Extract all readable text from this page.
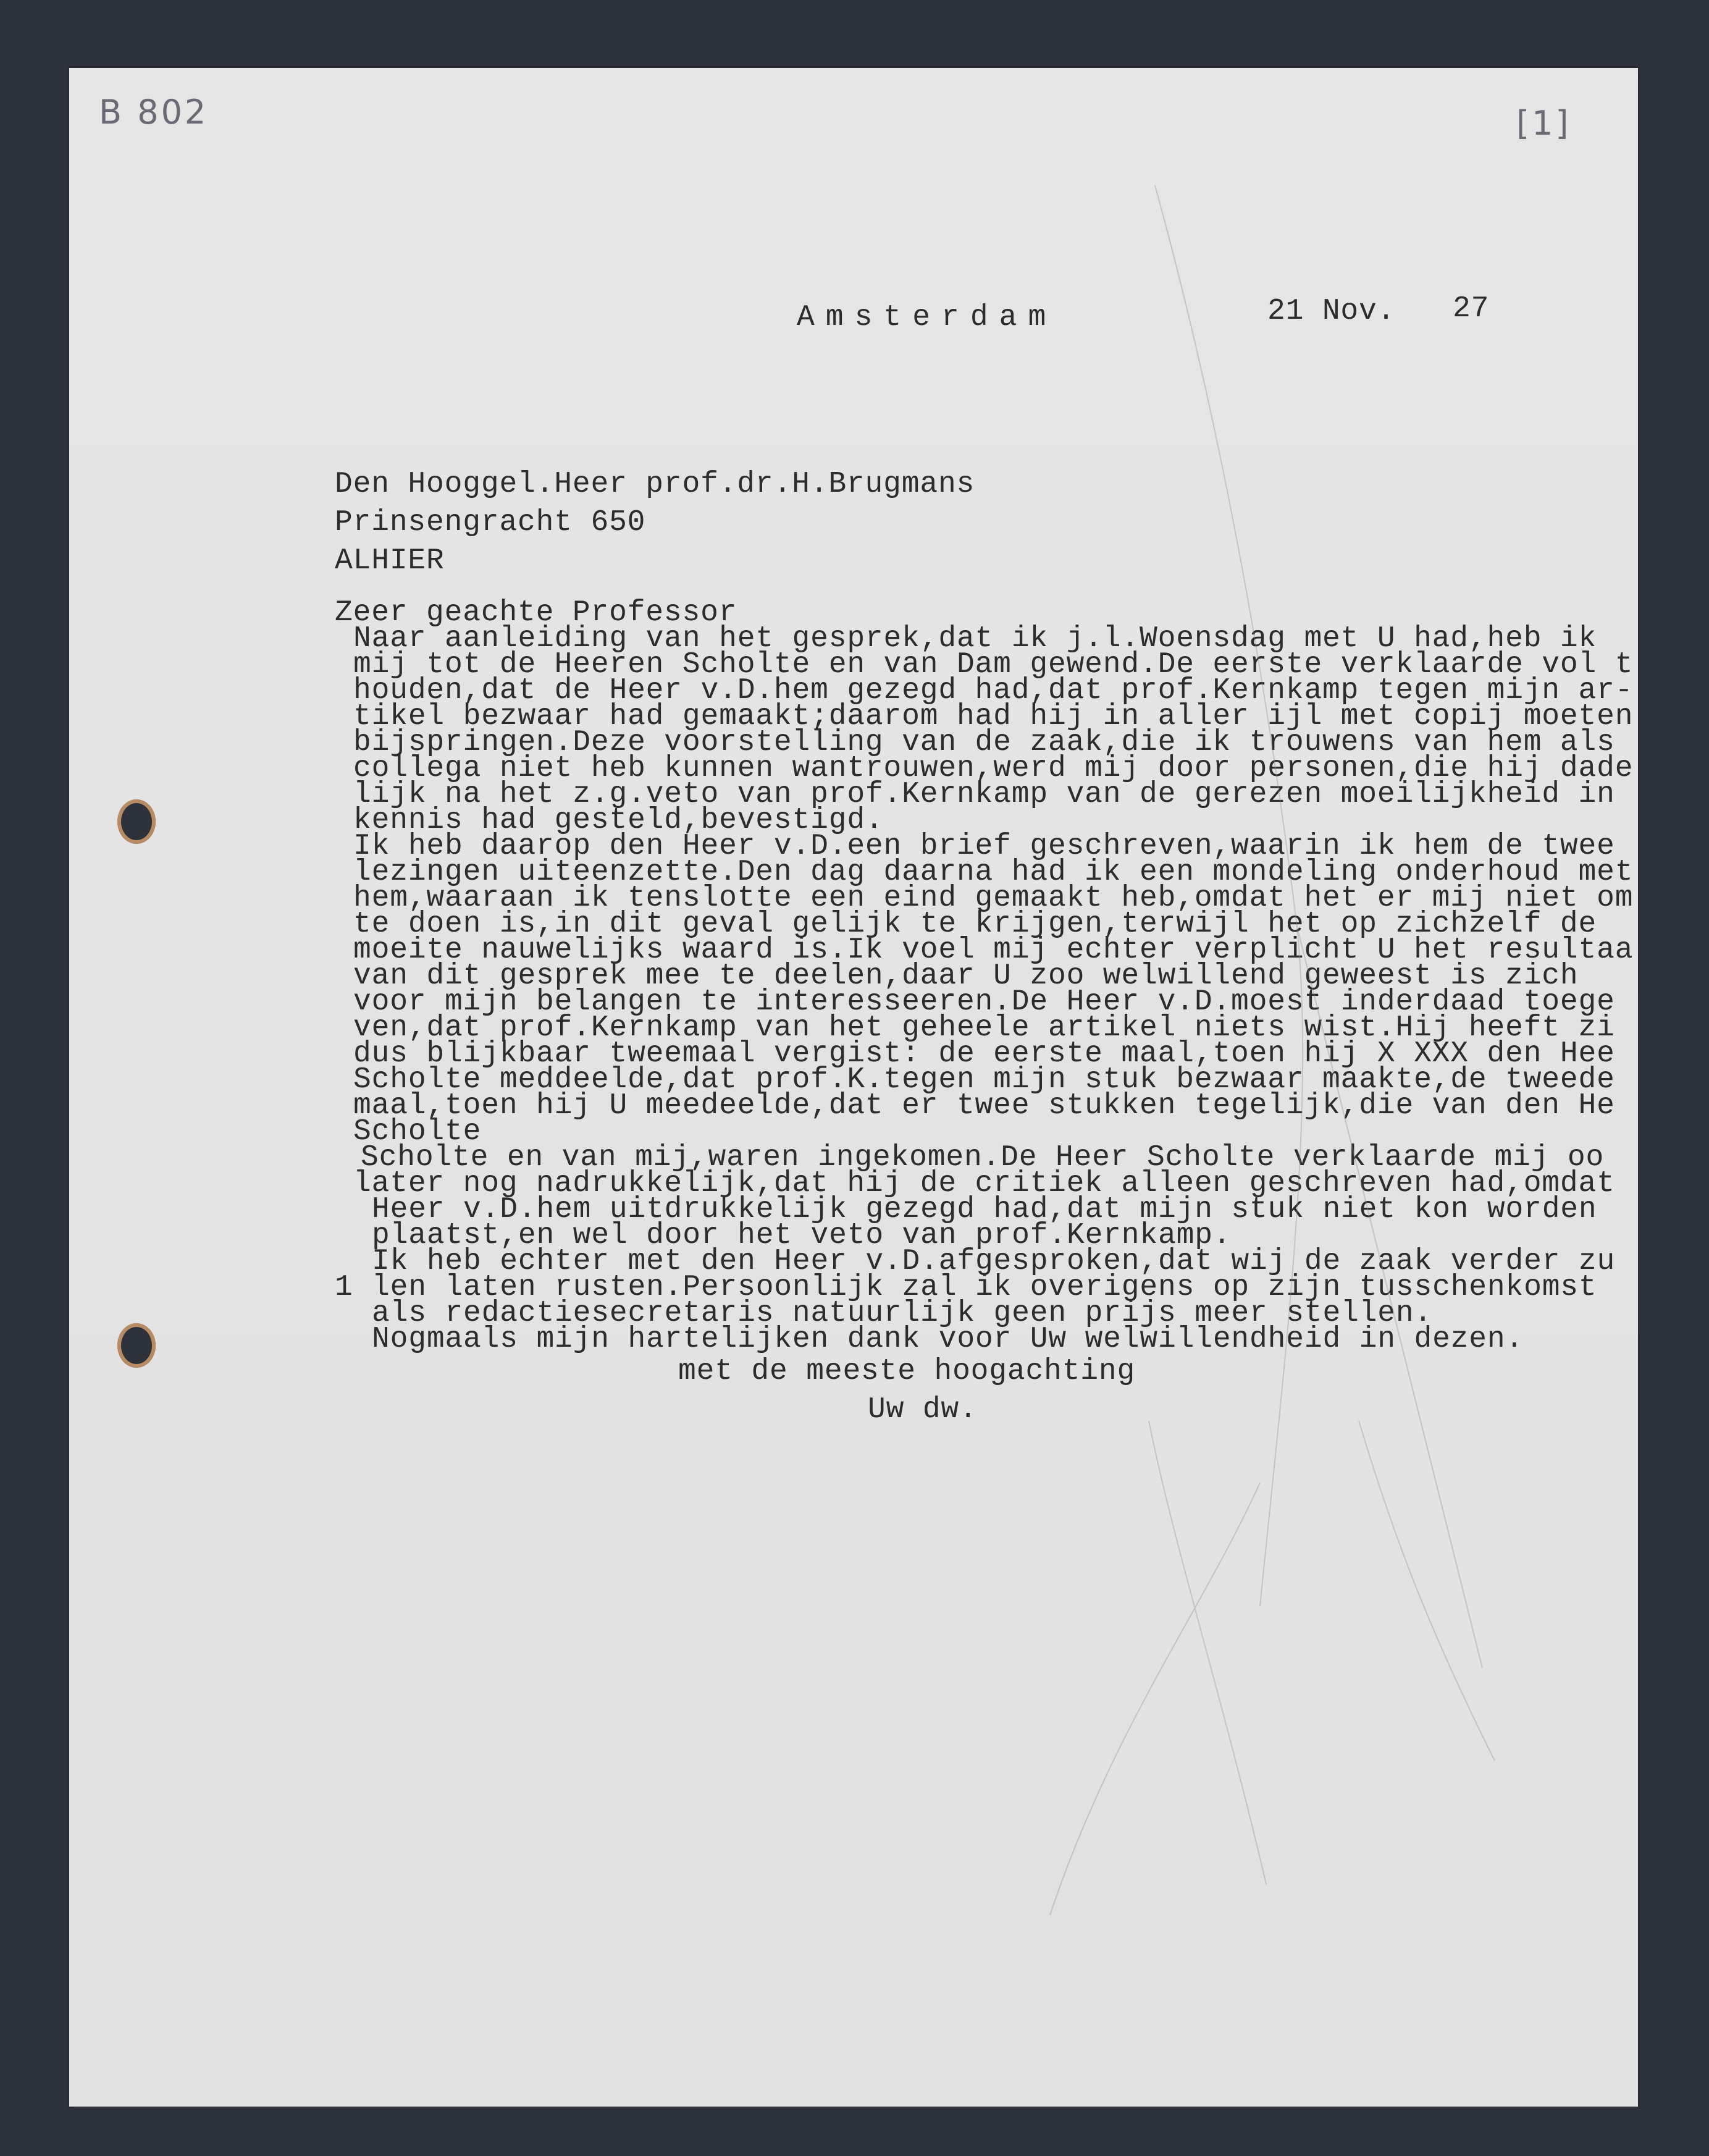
B 802	[1]
Amsterdam	21 Nov. 27
Den Hooggel.Heer prof.dr.H.Brugmans
Prinsengracht 650
ALHIER
Zeer geachte Professor
Naar aanleiding van het gesprek,dat ik j.l.Woensdag met U had,heb ik
mij tot de Heeren Scholte en van Dam gewend.De eerste verklaarde vol t
houden,dat de Heer v.D.hem gezegd had,dat prof.Kernkamp tegen mijn ar-
tikel bezwaar had gemaakt;daarom had hij in aller ijl met copij moeten
bijspringen.Deze voorstelling van de zaak,die ik trouwens van hem als
collega niet heb kunnen wantrouwen,werd mij door personen,die hij dade
lijk na het z.g.veto van prof.Kernkamp van de gerezen moeilijkheid in
kennis had gesteld,bevestigd.
Ik heb daarop den Heer v.D.een brief geschreven,waarin ik hem de twee
lezingen uiteenzette.Den dag daarna had ik een mondeling onderhoud met
hem,waaraan ik tenslotte een eind gemaakt heb,omdat het er mij niet om
te doen is,in dit geval gelijk te krijgen,terwijl het op zichzelf de
moeite nauwelijks waard is.Ik voel mij echter verplicht U het resultaa
van dit gesprek mee te deelen,daar U zoo welwillend geweest is zich
voor mijn belangen te interesseeren.De Heer v.D.moest inderdaad toege
ven,dat prof.Kernkamp van het geheele artikel niets wist.Hij heeft zi
dus blijkbaar tweemaal vergist: de eerste maal,toen hij X XXX den Hee
Scholte meddeelde,dat prof.K.tegen mijn stuk bezwaar maakte,de tweede
maal,toen hij U meedeelde,dat er twee stukken tegelijk,die van den He
Scholte
Scholte en van mij,waren ingekomen.De Heer Scholte verklaarde mij oo
later nog nadrukkelijk,dat hij de critiek alleen geschreven had,omdat
Heer v.D.hem uitdrukkelijk gezegd had,dat mijn stuk niet kon worden
plaatst,en wel door het veto van prof.Kernkamp.
Ik heb echter met den Heer v.D.afgesproken,dat wij de zaak verder zu
len laten rusten.Persoonlijk zal ik overigens op zijn tusschenkomst
als redactiesecretaris natuurlijk geen prijs meer stellen.
Nogmaals mijn hartelijken dank voor Uw welwillendheid in dezen.
1
met de meeste hoogachting
Uw dw.
